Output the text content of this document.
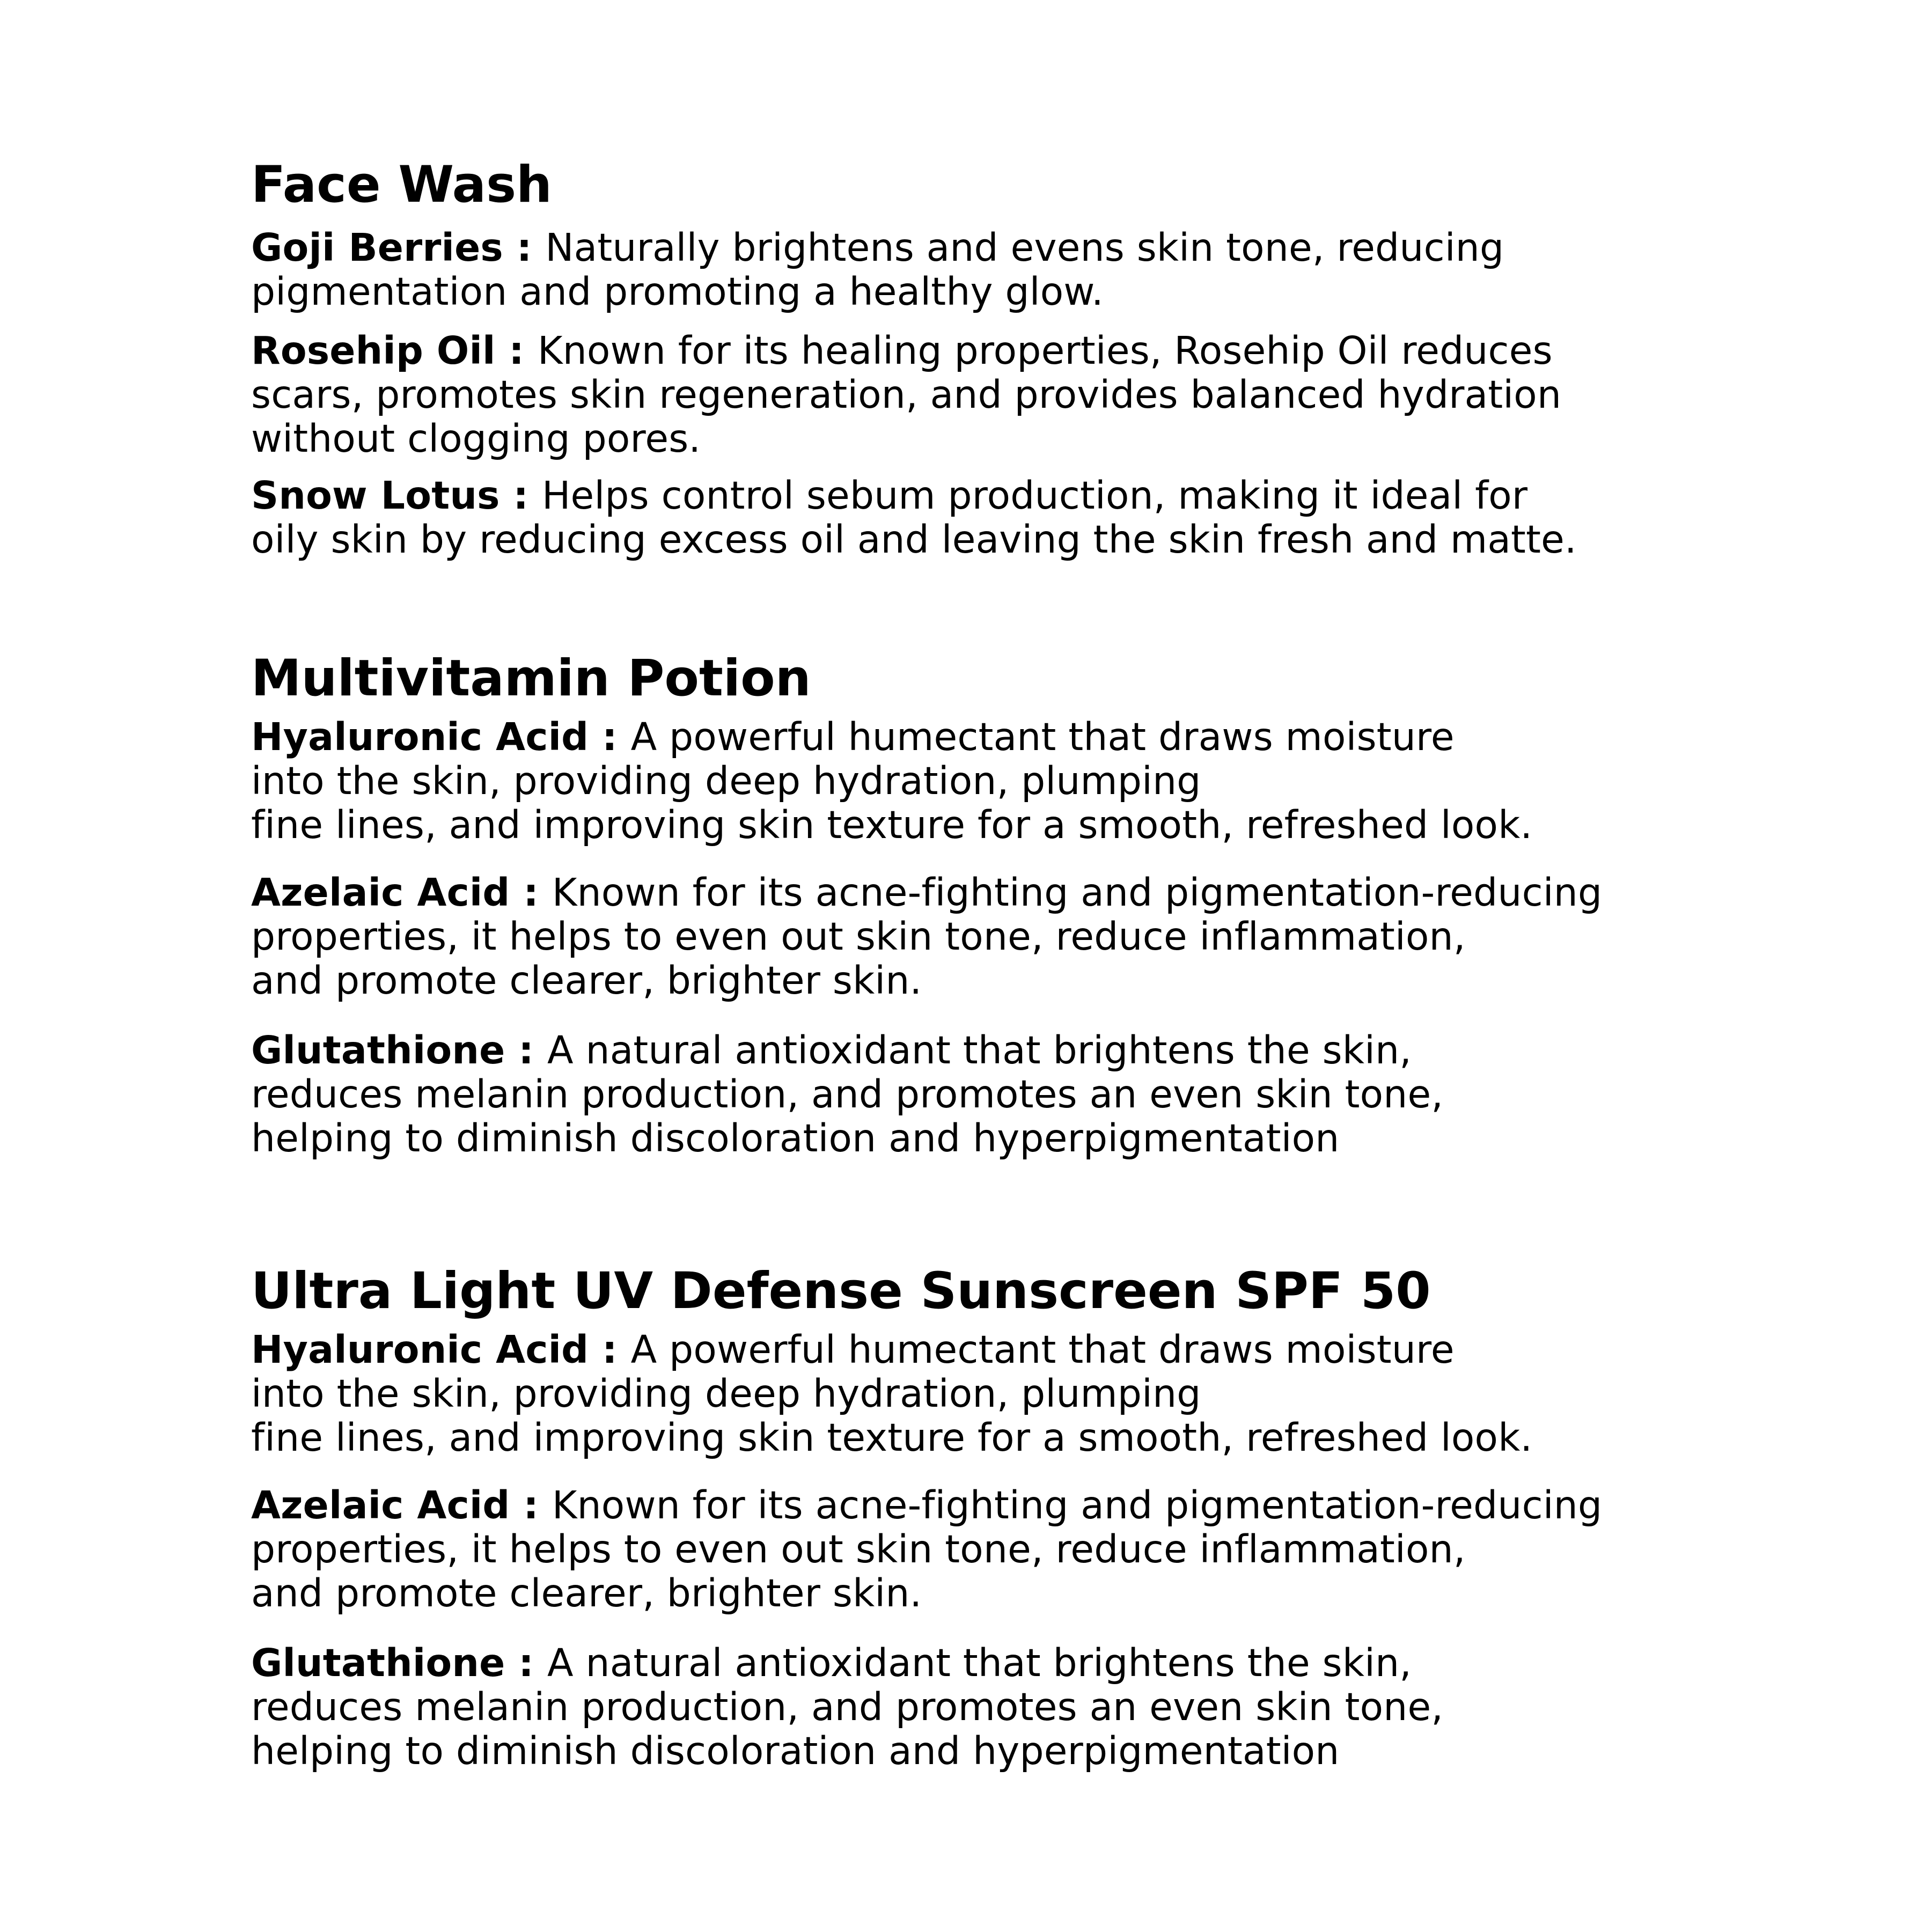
Face Wash

Goji Berries : Naturally brightens and evens skin tone, reducing
pigmentation and promoting a healthy glow.

Rosehip Oil : Known for its healing properties, Rosehip Oil reduces
scars, promotes skin regeneration, and provides balanced hydration
without clogging pores.

Snow Lotus : Helps control sebum production, making it ideal for
oily skin by reducing excess oil and leaving the skin fresh and matte.

Multivitamin Potion

Hyaluronic Acid : A powerful humectant that draws moisture
into the skin, providing deep hydration, plumping
fine lines, and improving skin texture for a smooth, refreshed look.

Azelaic Acid : Known for its acne-fighting and pigmentation-reducing
properties, it helps to even out skin tone, reduce inflammation,
and promote clearer, brighter skin.

Glutathione : A natural antioxidant that brightens the skin,
reduces melanin production, and promotes an even skin tone,
helping to diminish discoloration and hyperpigmentation

Ultra Light UV Defense Sunscreen SPF 50

Hyaluronic Acid : A powerful humectant that draws moisture
into the skin, providing deep hydration, plumping
fine lines, and improving skin texture for a smooth, refreshed look.

Azelaic Acid : Known for its acne-fighting and pigmentation-reducing
properties, it helps to even out skin tone, reduce inflammation,
and promote clearer, brighter skin.

Glutathione : A natural antioxidant that brightens the skin,
reduces melanin production, and promotes an even skin tone,
helping to diminish discoloration and hyperpigmentation
